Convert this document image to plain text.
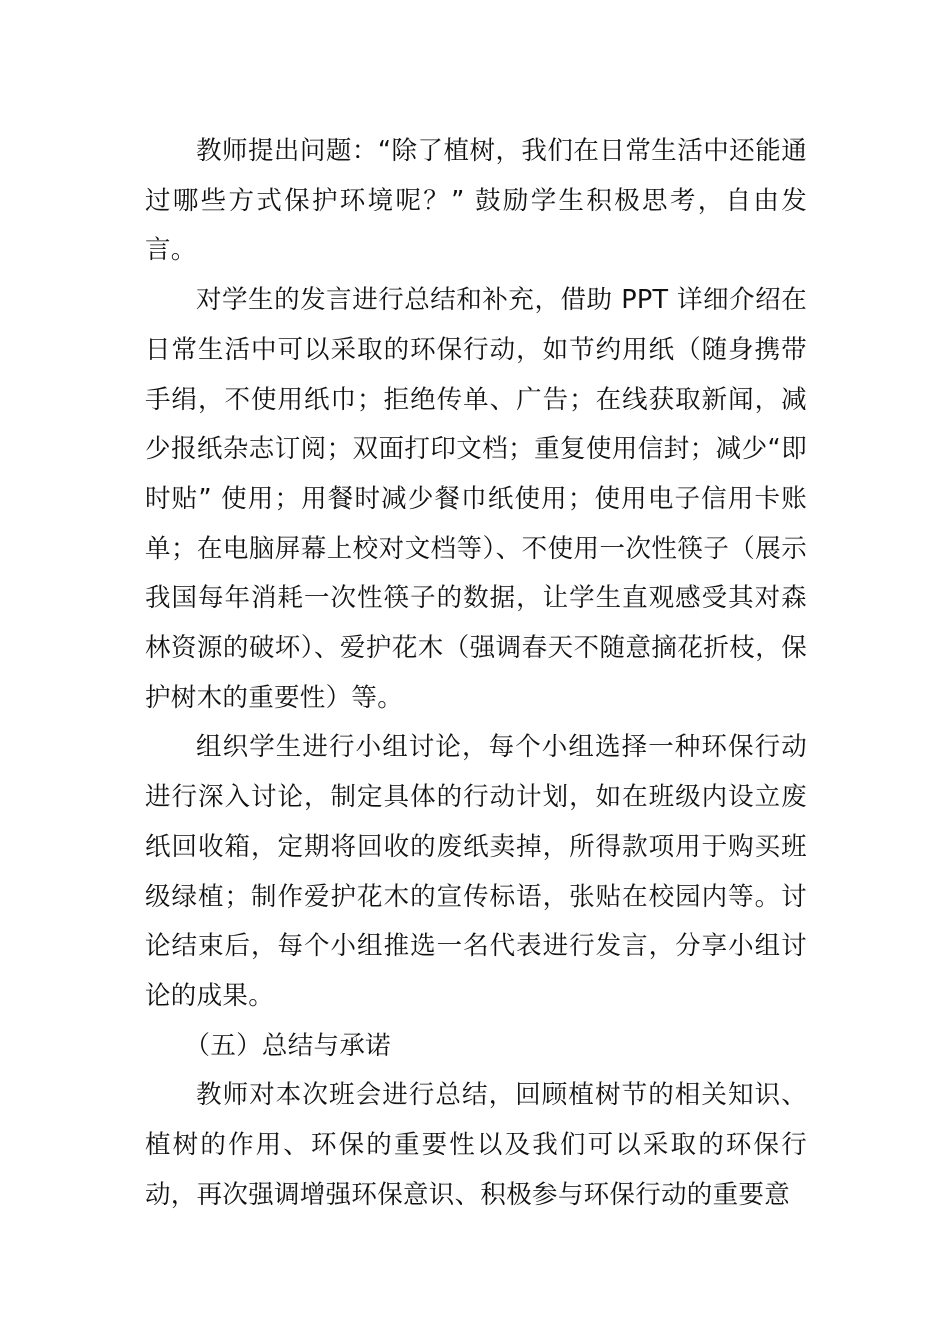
教师提出问题：“除了植树，我们在日常生活中还能通过哪些方式保护环境呢？” 鼓励学生积极思考，自由发言。

对学生的发言进行总结和补充，借助 PPT 详细介绍在日常生活中可以采取的环保行动，如节约用纸（随身携带手绢，不使用纸巾；拒绝传单、广告；在线获取新闻，减少报纸杂志订阅；双面打印文档；重复使用信封；减少“即时贴” 使用；用餐时减少餐巾纸使用；使用电子信用卡账单；在电脑屏幕上校对文档等）、不使用一次性筷子（展示我国每年消耗一次性筷子的数据，让学生直观感受其对森林资源的破坏）、爱护花木（强调春天不随意摘花折枝，保护树木的重要性）等。

组织学生进行小组讨论，每个小组选择一种环保行动进行深入讨论，制定具体的行动计划，如在班级内设立废纸回收箱，定期将回收的废纸卖掉，所得款项用于购买班级绿植；制作爱护花木的宣传标语，张贴在校园内等。讨论结束后，每个小组推选一名代表进行发言，分享小组讨论的成果。

（五）总结与承诺

教师对本次班会进行总结，回顾植树节的相关知识、植树的作用、环保的重要性以及我们可以采取的环保行动，再次强调增强环保意识、积极参与环保行动的重要意
